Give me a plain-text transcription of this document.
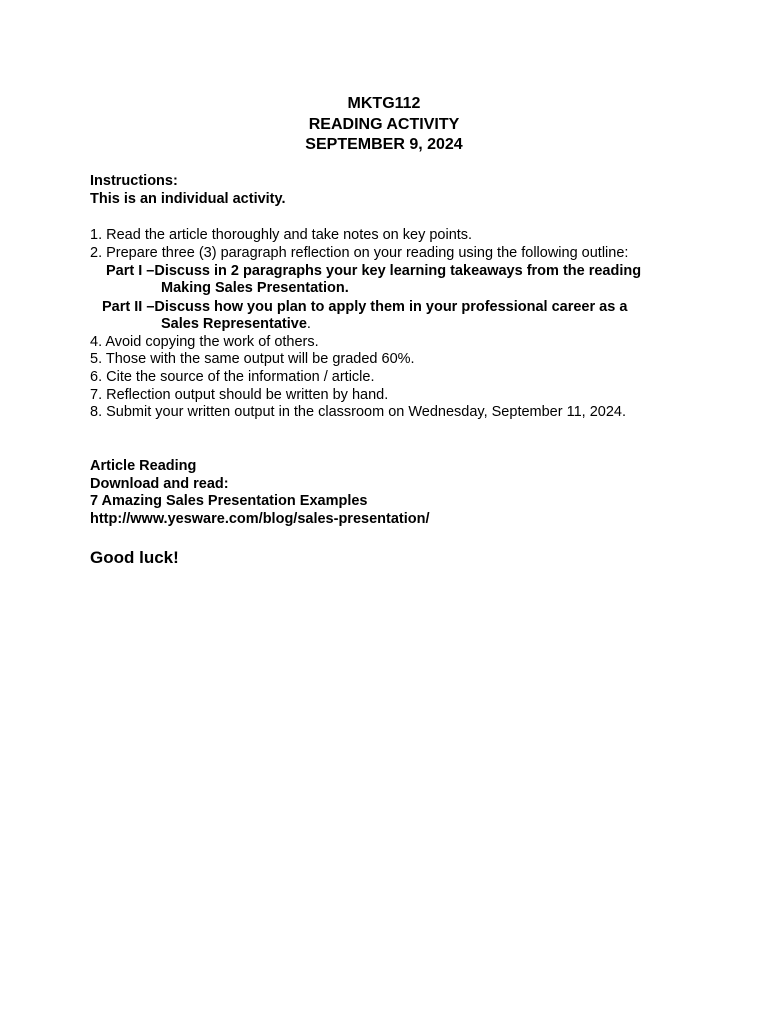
MKTG112
READING ACTIVITY
SEPTEMBER 9, 2024
Instructions:
This is an individual activity.
1. Read the article thoroughly and take notes on key points.
2. Prepare three (3) paragraph reflection on your reading using the following outline:
Part I –Discuss in 2 paragraphs your key learning takeaways from the reading
Making Sales Presentation.
Part II –Discuss how you plan to apply them in your professional career as a
Sales Representative.
4. Avoid copying the work of others.
5. Those with the same output will be graded 60%.
6. Cite the source of the information / article.
7. Reflection output should be written by hand.
8. Submit your written output in the classroom on Wednesday, September 11, 2024.
Article Reading
Download and read:
7 Amazing Sales Presentation Examples
http://www.yesware.com/blog/sales-presentation/
Good luck!
